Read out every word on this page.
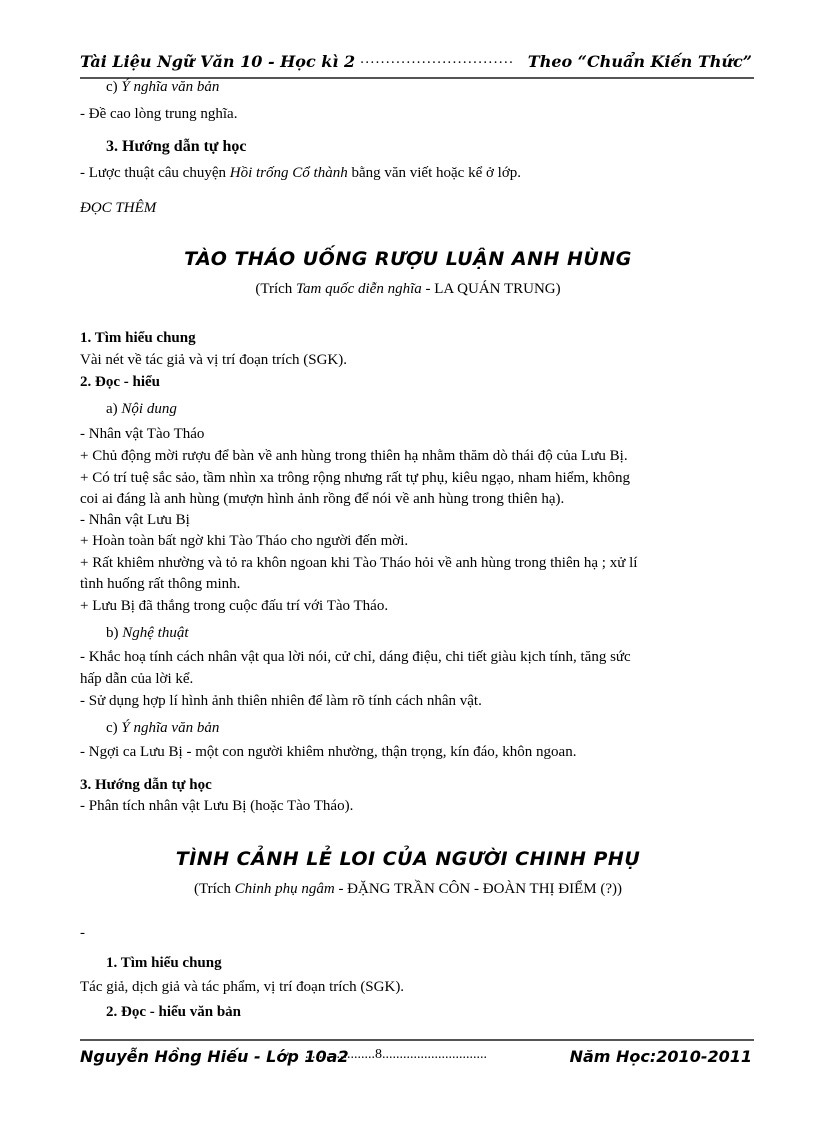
Tài Liệu Ngữ Văn 10 - Học kì 2 .............................. Theo “Chuẩn Kiến Thức”
c) Ý nghĩa văn bản
- Đề cao lòng trung nghĩa.
3. Hướng dẫn tự học
- Lược thuật câu chuyện Hồi trống Cổ thành bằng văn viết hoặc kể ở lớp.
ĐỌC THÊM
TÀO THÁO UỐNG RƯỢU LUẬN ANH HÙNG
(Trích Tam quốc diễn nghĩa - LA QUÁN TRUNG)
1. Tìm hiểu chung
Vài nét về tác giả và vị trí đoạn trích (SGK).
2. Đọc - hiểu
a) Nội dung
- Nhân vật Tào Tháo
+ Chủ động mời rượu để bàn về anh hùng trong thiên hạ nhằm thăm dò thái độ của Lưu Bị.
+ Có trí tuệ sắc sảo, tầm nhìn xa trông rộng nhưng rất tự phụ, kiêu ngạo, nham hiểm, không
coi ai đáng là anh hùng (mượn hình ảnh rồng để nói về anh hùng trong thiên hạ).
- Nhân vật Lưu Bị
+ Hoàn toàn bất ngờ khi Tào Tháo cho người đến mời.
+ Rất khiêm nhường và tỏ ra khôn ngoan khi Tào Tháo hỏi về anh hùng trong thiên hạ ; xử lí
tình huống rất thông minh.
+ Lưu Bị đã thắng trong cuộc đấu trí với Tào Tháo.
b) Nghệ thuật
- Khắc hoạ tính cách nhân vật qua lời nói, cử chỉ, dáng điệu, chi tiết giàu kịch tính, tăng sức
hấp dẫn của lời kể.
- Sử dụng hợp lí hình ảnh thiên nhiên để làm rõ tính cách nhân vật.
c) Ý nghĩa văn bản
- Ngợi ca Lưu Bị - một con người khiêm nhường, thận trọng, kín đáo, khôn ngoan.
3. Hướng dẫn tự học
- Phân tích nhân vật Lưu Bị (hoặc Tào Tháo).
TÌNH CẢNH LẺ LOI CỦA NGƯỜI CHINH PHỤ
(Trích Chinh phụ ngâm - ĐẶNG TRẦN CÔN - ĐOÀN THỊ ĐIỂM (?))
-
1. Tìm hiểu chung
Tác giả, dịch giả và tác phẩm, vị trí đoạn trích (SGK).
2. Đọc - hiểu văn bản
Nguyễn Hồng Hiếu - Lớp 10a2
....................8..............................	Năm Học:2010-2011
